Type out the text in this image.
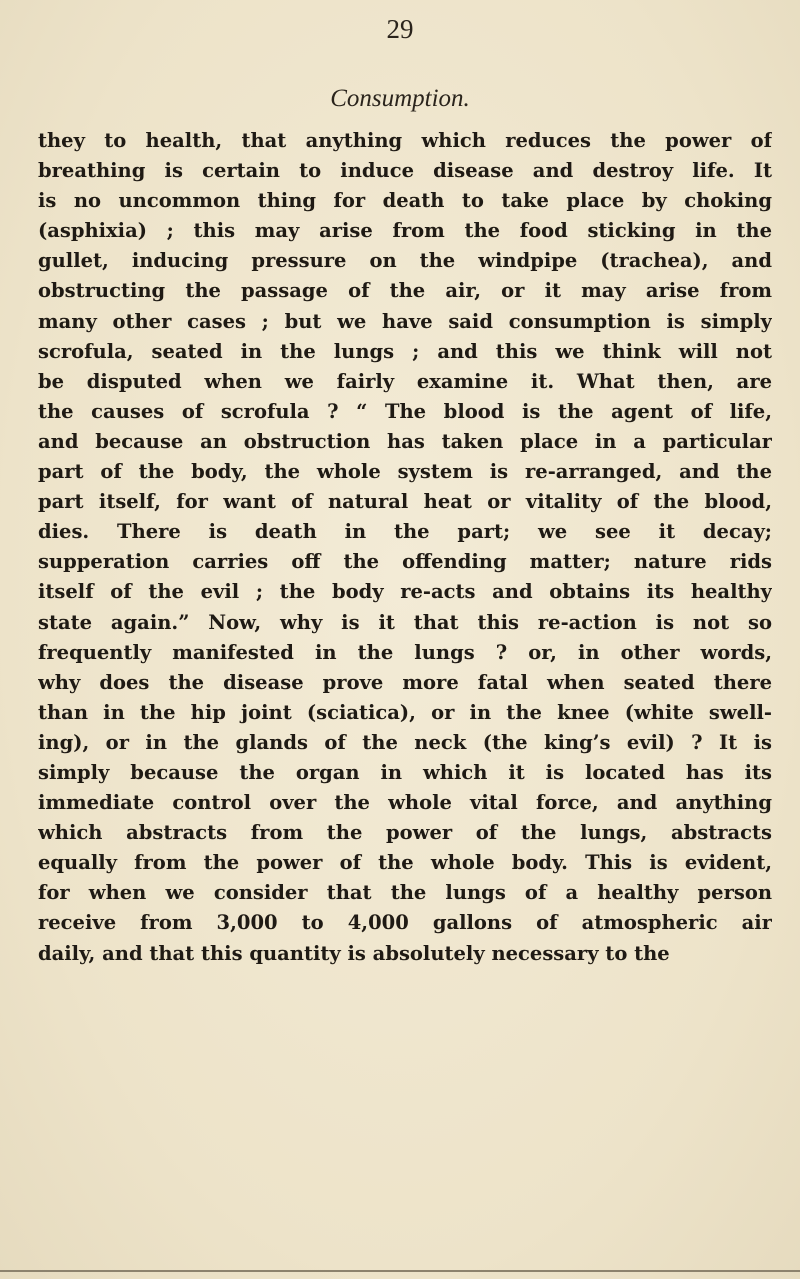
29
Consumption.
they to health, that anything which reduces the power of
breathing is certain to induce disease and destroy life. It
is no uncommon thing for death to take place by choking
(asphixia) ; this may arise from the food sticking in the
gullet, inducing pressure on the windpipe (trachea), and
obstructing the passage of the air, or it may arise from
many other cases ; but we have said consumption is simply
scrofula, seated in the lungs ; and this we think will not
be disputed when we fairly examine it. What then, are
the causes of scrofula ? “ The blood is the agent of life,
and because an obstruction has taken place in a particular
part of the body, the whole system is re-arranged, and the
part itself, for want of natural heat or vitality of the blood,
dies. There is death in the part; we see it decay;
supperation carries off the offending matter; nature rids
itself of the evil ; the body re-acts and obtains its healthy
state again.” Now, why is it that this re-action is not so
frequently manifested in the lungs ? or, in other words,
why does the disease prove more fatal when seated there
than in the hip joint (sciatica), or in the knee (white swell-
ing), or in the glands of the neck (the king’s evil) ? It is
simply because the organ in which it is located has its
immediate control over the whole vital force, and anything
which abstracts from the power of the lungs, abstracts
equally from the power of the whole body. This is evident,
for when we consider that the lungs of a healthy person
receive from 3,000 to 4,000 gallons of atmospheric air
daily, and that this quantity is absolutely necessary to the
